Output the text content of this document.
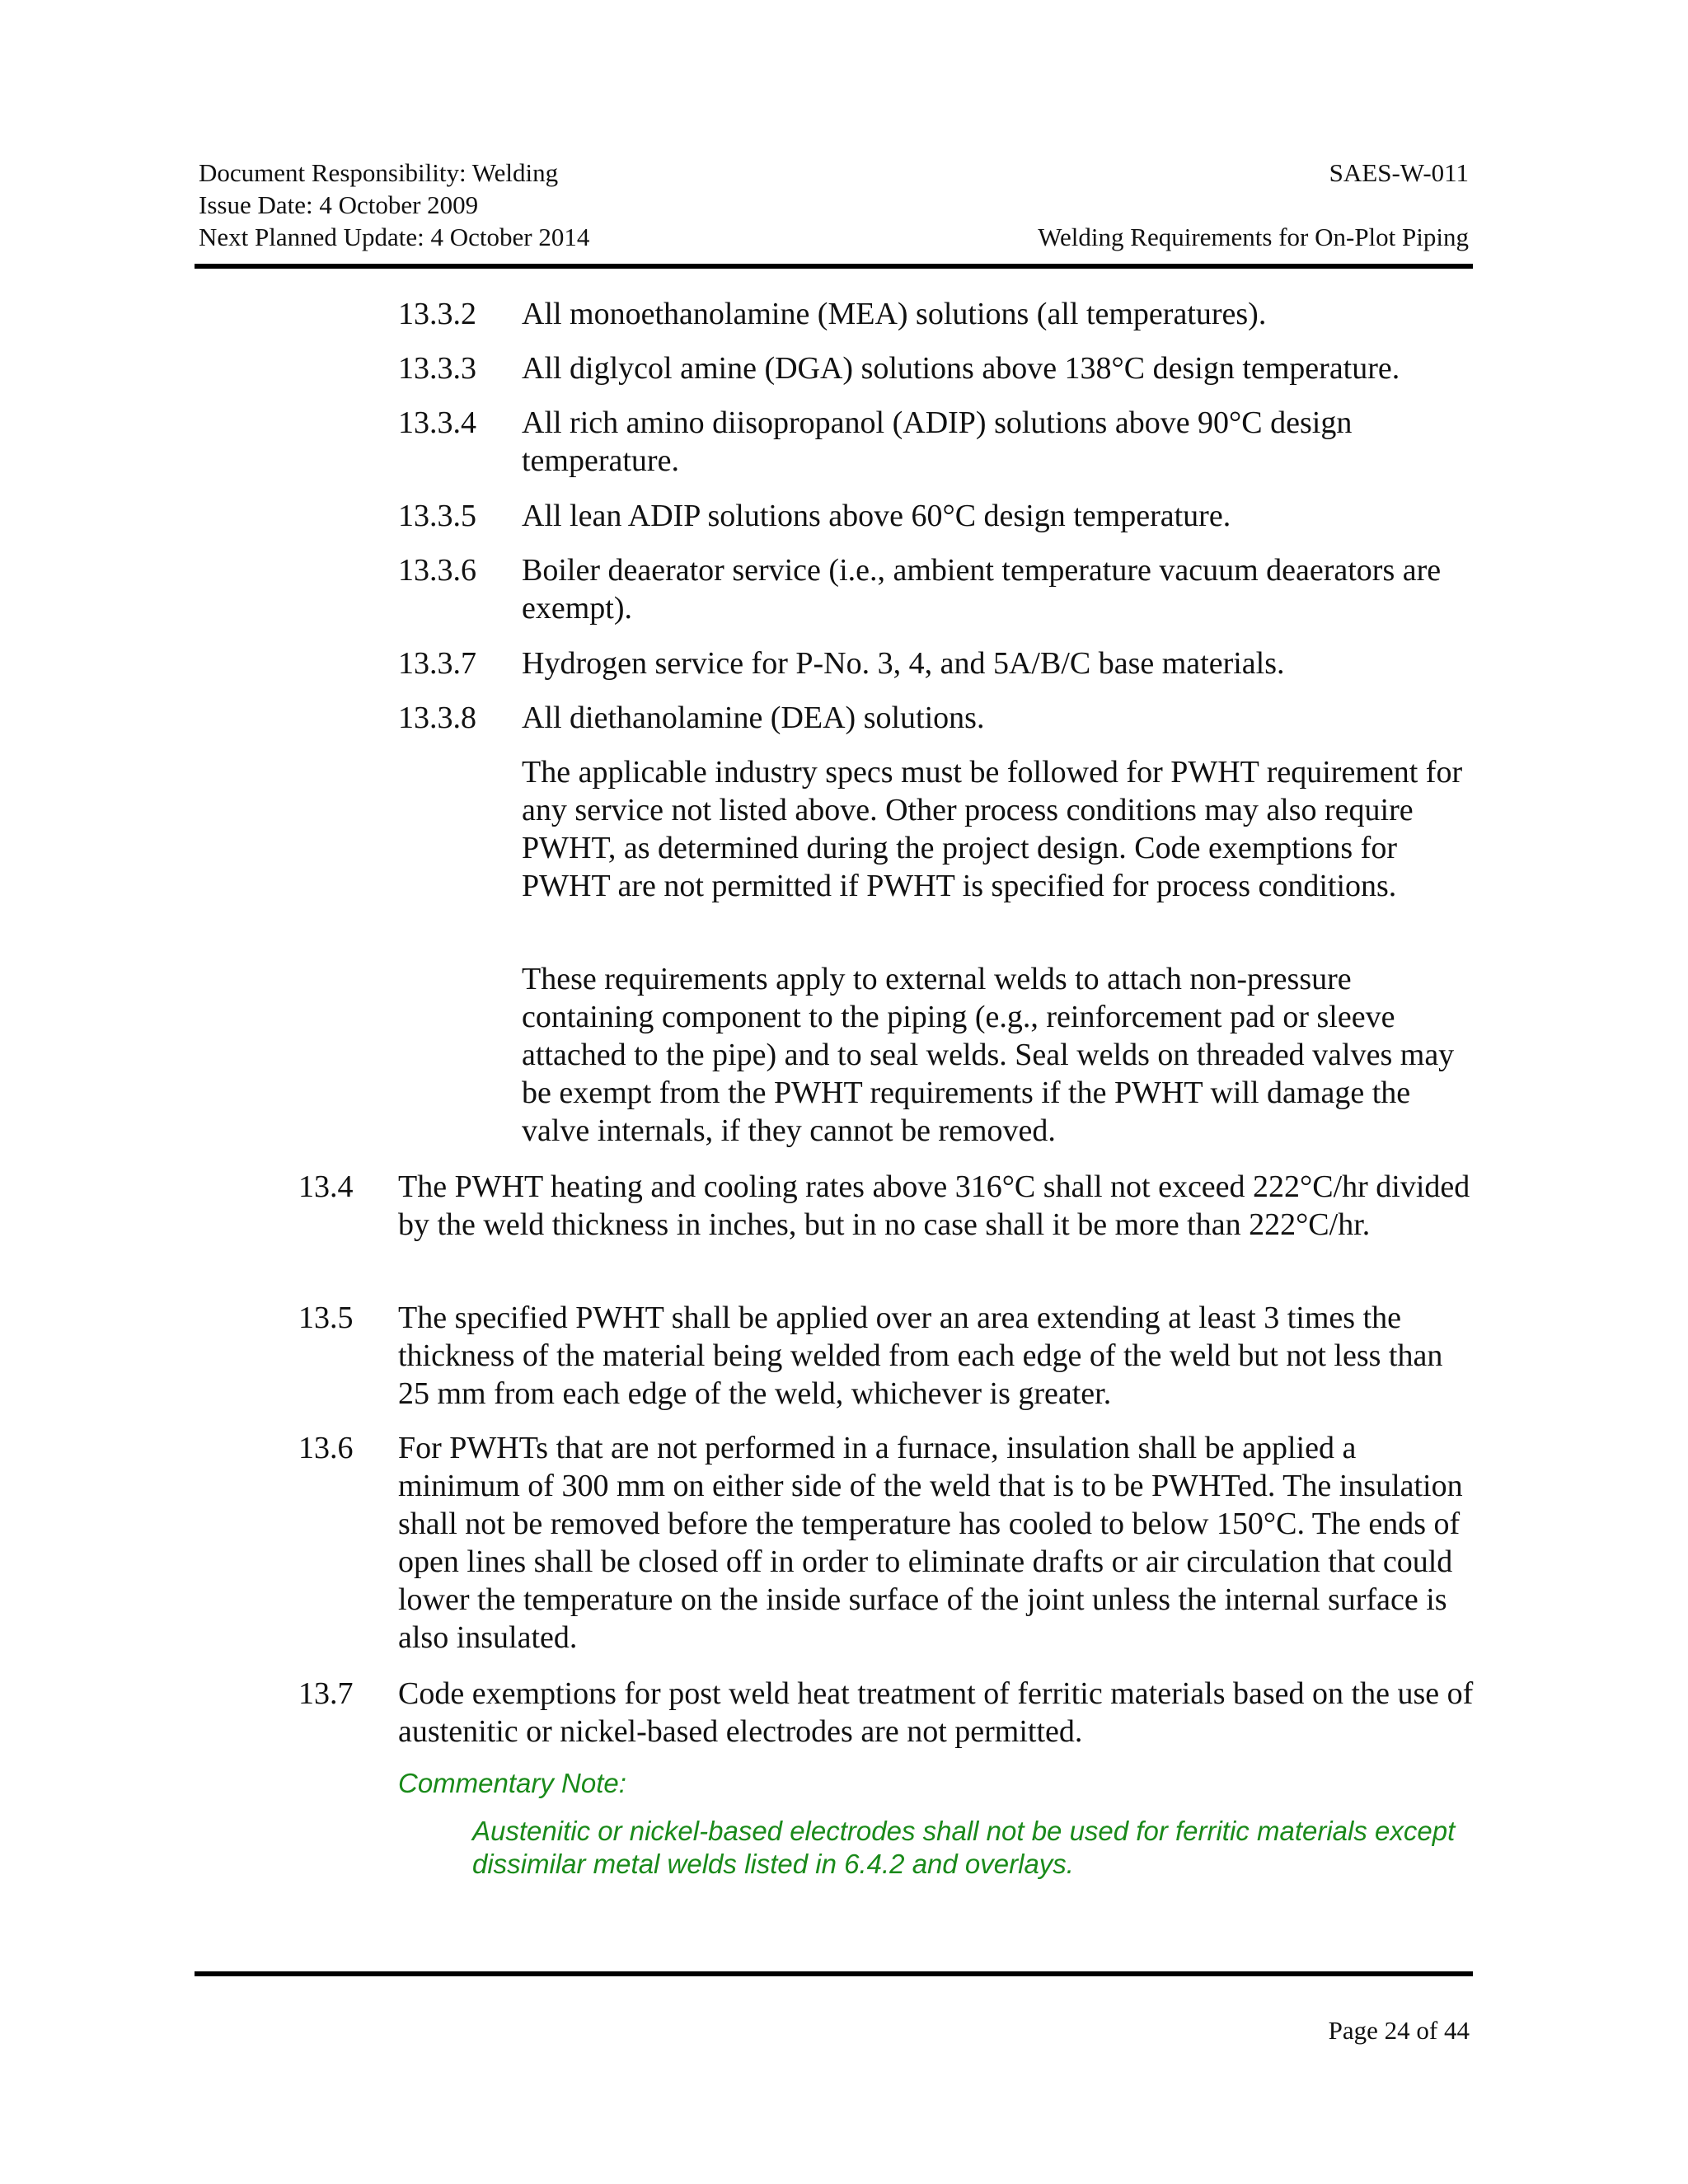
Document Responsibility: Welding	SAES-W-011
Issue Date: 4 October 2009
Next Planned Update: 4 October 2014	Welding Requirements for On-Plot Piping
13.3.2 All monoethanolamine (MEA) solutions (all temperatures).
13.3.3 All diglycol amine (DGA) solutions above 138°C design temperature.
13.3.4 All rich amino diisopropanol (ADIP) solutions above 90°C design temperature.
13.3.5 All lean ADIP solutions above 60°C design temperature.
13.3.6 Boiler deaerator service (i.e., ambient temperature vacuum deaerators are exempt).
13.3.7 Hydrogen service for P-No. 3, 4, and 5A/B/C base materials.
13.3.8 All diethanolamine (DEA) solutions.
The applicable industry specs must be followed for PWHT requirement for any service not listed above. Other process conditions may also require PWHT, as determined during the project design. Code exemptions for PWHT are not permitted if PWHT is specified for process conditions.
These requirements apply to external welds to attach non-pressure containing component to the piping (e.g., reinforcement pad or sleeve attached to the pipe) and to seal welds. Seal welds on threaded valves may be exempt from the PWHT requirements if the PWHT will damage the valve internals, if they cannot be removed.
13.4 The PWHT heating and cooling rates above 316°C shall not exceed 222°C/hr divided by the weld thickness in inches, but in no case shall it be more than 222°C/hr.
13.5 The specified PWHT shall be applied over an area extending at least 3 times the thickness of the material being welded from each edge of the weld but not less than 25 mm from each edge of the weld, whichever is greater.
13.6 For PWHTs that are not performed in a furnace, insulation shall be applied a minimum of 300 mm on either side of the weld that is to be PWHTed. The insulation shall not be removed before the temperature has cooled to below 150°C. The ends of open lines shall be closed off in order to eliminate drafts or air circulation that could lower the temperature on the inside surface of the joint unless the internal surface is also insulated.
13.7 Code exemptions for post weld heat treatment of ferritic materials based on the use of austenitic or nickel-based electrodes are not permitted.
Commentary Note:
Austenitic or nickel-based electrodes shall not be used for ferritic materials except dissimilar metal welds listed in 6.4.2 and overlays.
Page 24 of 44
